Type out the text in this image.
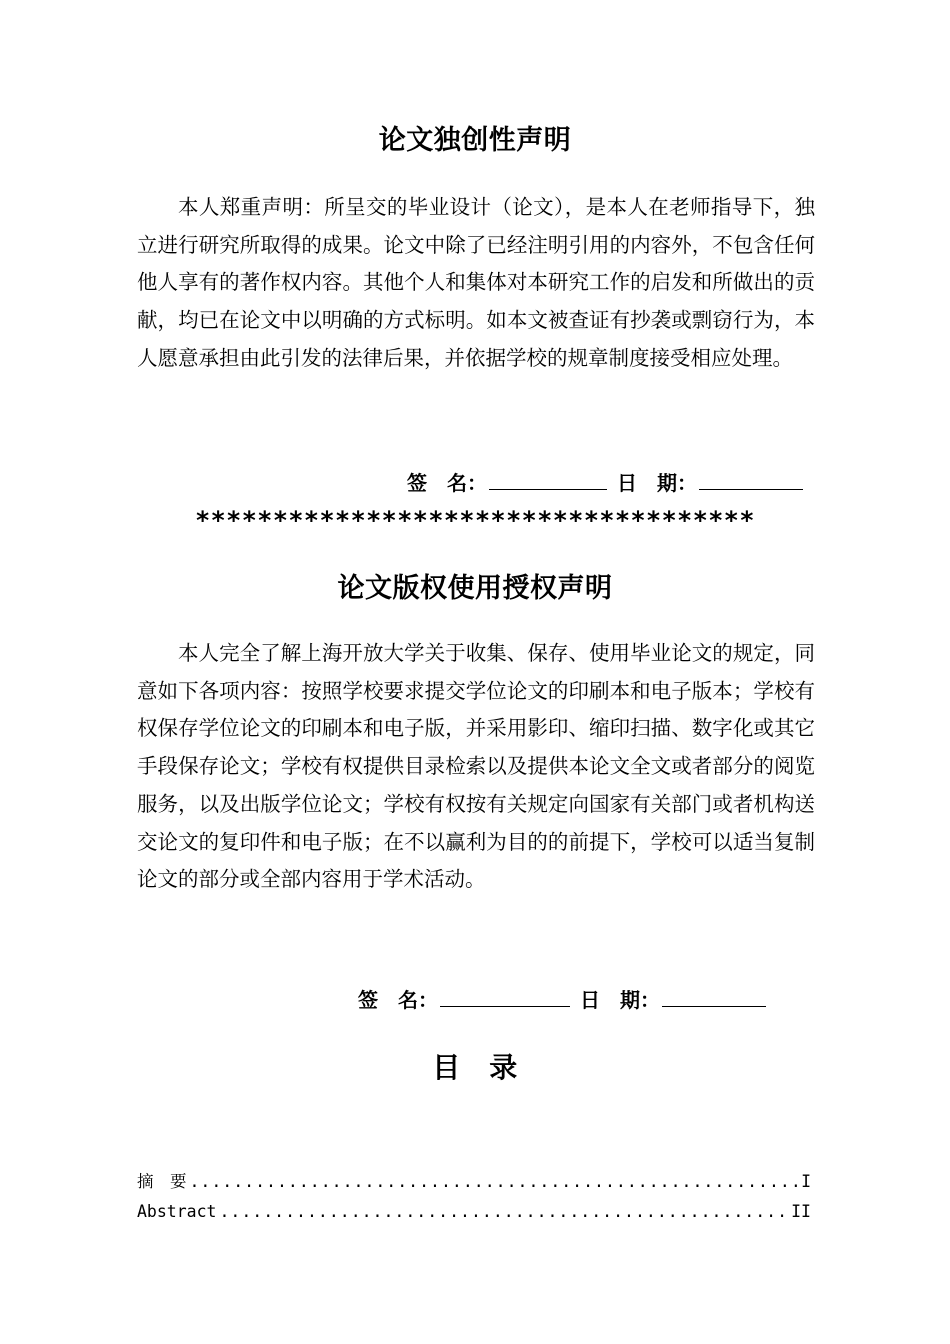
论文独创性声明

本人郑重声明：所呈交的毕业设计（论文），是本人在老师指导下，独立进行研究所取得的成果。论文中除了已经注明引用的内容外，不包含任何他人享有的著作权内容。其他个人和集体对本研究工作的启发和所做出的贡献，均已在论文中以明确的方式标明。如本文被查证有抄袭或剽窃行为，本人愿意承担由此引发的法律后果，并依据学校的规章制度接受相应处理。

签　名：	日　期：
************************************
论文版权使用授权声明

本人完全了解上海开放大学关于收集、保存、使用毕业论文的规定，同意如下各项内容：按照学校要求提交学位论文的印刷本和电子版本；学校有权保存学位论文的印刷本和电子版，并采用影印、缩印扫描、数字化或其它手段保存论文；学校有权提供目录检索以及提供本论文全文或者部分的阅览服务，以及出版学位论文；学校有权按有关规定向国家有关部门或者机构送交论文的复印件和电子版；在不以赢利为目的的前提下，学校可以适当复制论文的部分或全部内容用于学术活动。

签　名：	日　期：
目　录
摘　要 .....	I
Abstract .....	II
